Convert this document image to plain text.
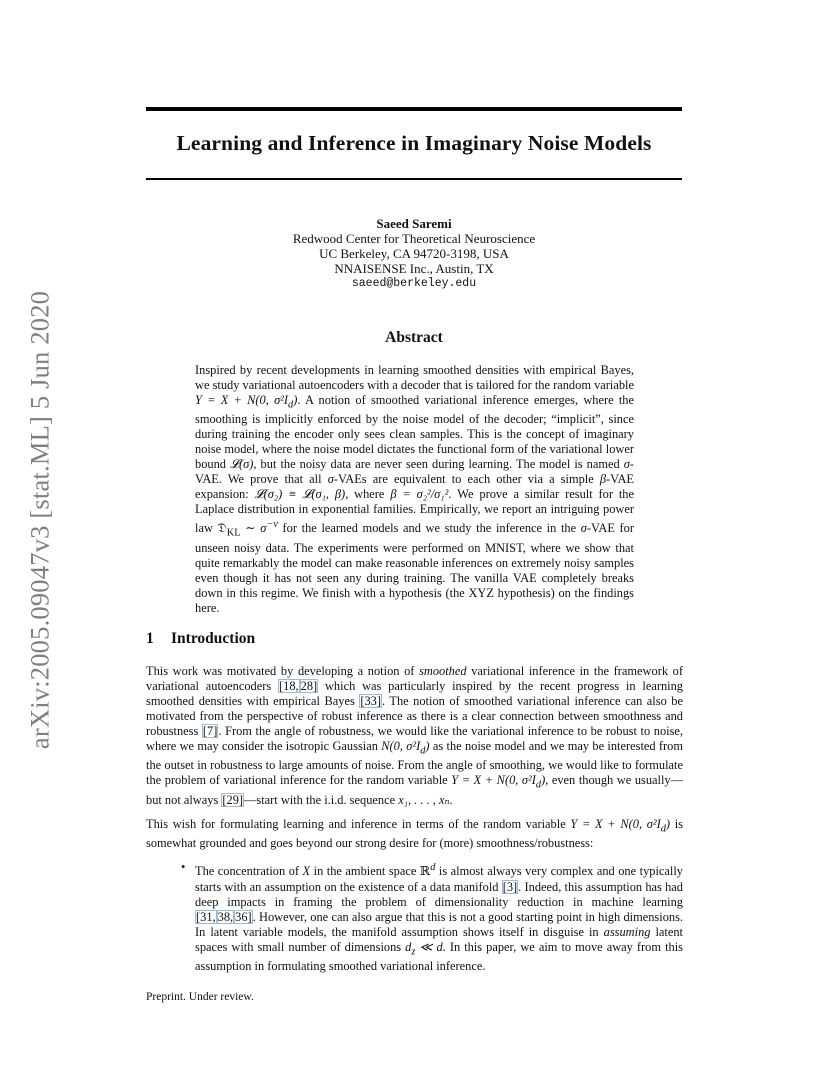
arXiv:2005.09047v3 [stat.ML] 5 Jun 2020
Learning and Inference in Imaginary Noise Models
Saeed Saremi
Redwood Center for Theoretical Neuroscience
UC Berkeley, CA 94720-3198, USA
NNAISENSE Inc., Austin, TX
saeed@berkeley.edu
Abstract

Inspired by recent developments in learning smoothed densities with empirical Bayes, we study variational autoencoders with a decoder that is tailored for the random variable Y = X + N(0, $\sigma^2I_d$). A notion of smoothed variational inference emerges, where the smoothing is implicitly enforced by the noise model of the decoder; “implicit”, since during training the encoder only sees clean samples. This is the concept of imaginary noise model, where the noise model dictates the functional form of the variational lower bound 𝓛(σ), but the noisy data are never seen during learning. The model is named σ-VAE. We prove that all σ-VAEs are equivalent to each other via a simple β-VAE expansion: 𝓛(σ₂) ≡ 𝓛(σ₁, β), where β = σ₂²/σ₁². We prove a similar result for the Laplace distribution in exponential families. Empirically, we report an intriguing power law 𝔇$_{KL}$ ∼ $\sigma^{-\nu}$ for the learned models and we study the inference in the σ-VAE for unseen noisy data. The experiments were performed on MNIST, where we show that quite remarkably the model can make reasonable inferences on extremely noisy samples even though it has not seen any during training. The vanilla VAE completely breaks down in this regime. We finish with a hypothesis (the XYZ hypothesis) on the findings here.

1 Introduction

This work was motivated by developing a notion of smoothed variational inference in the framework of variational autoencoders [18, 28] which was particularly inspired by the recent progress in learning smoothed densities with empirical Bayes [33]. The notion of smoothed variational inference can also be motivated from the perspective of robust inference as there is a clear connection between smoothness and robustness [7]. From the angle of robustness, we would like the variational inference to be robust to noise, where we may consider the isotropic Gaussian N(0, $\sigma^2I_d$) as the noise model and we may be interested from the outset in robustness to large amounts of noise. From the angle of smoothing, we would like to formulate the problem of variational inference for the random variable Y = X + N(0, $\sigma^2I_d$), even though we usually—but not always [29]—start with the i.i.d. sequence x₁, . . . , xₙ.

This wish for formulating learning and inference in terms of the random variable Y = X + N(0, $\sigma^2I_d$) is somewhat grounded and goes beyond our strong desire for (more) smoothness/robustness:

• The concentration of X in the ambient space ℝ$^d$ is almost always very complex and one typically starts with an assumption on the existence of a data manifold [3]. Indeed, this assumption has had deep impacts in framing the problem of dimensionality reduction in machine learning [31, 38, 36]. However, one can also argue that this is not a good starting point in high dimensions. In latent variable models, the manifold assumption shows itself in disguise in assuming latent spaces with small number of dimensions $d_z$ ≪ d. In this paper, we aim to move away from this assumption in formulating smoothed variational inference.
Preprint. Under review.
